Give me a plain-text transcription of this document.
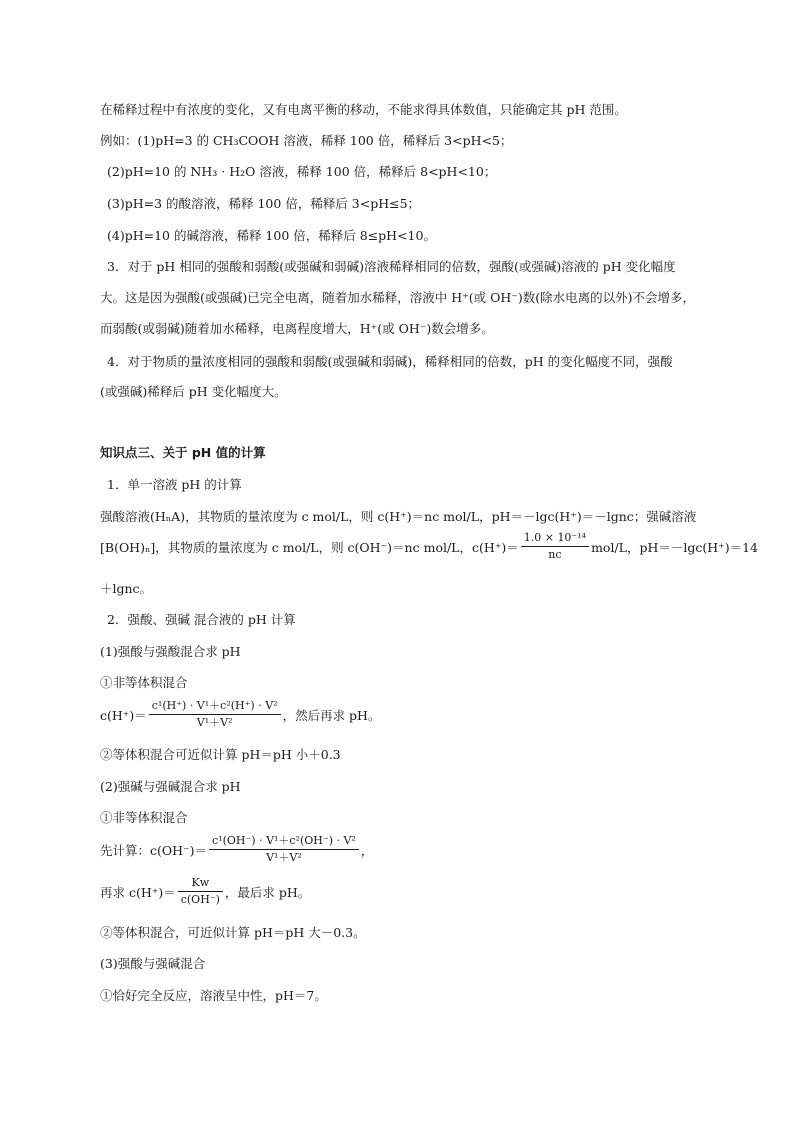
在稀释过程中有浓度的变化，又有电离平衡的移动，不能求得具体数值，只能确定其 pH 范围。
例如：(1)pH=3 的 CH₃COOH 溶液，稀释 100 倍，稀释后 3<pH<5；
(2)pH=10 的 NH₃ · H₂O 溶液，稀释 100 倍，稀释后 8<pH<10；
(3)pH=3 的酸溶液，稀释 100 倍，稀释后 3<pH≤5；
(4)pH=10 的碱溶液，稀释 100 倍，稀释后 8≤pH<10。
3．对于 pH 相同的强酸和弱酸(或强碱和弱碱)溶液稀释相同的倍数，强酸(或强碱)溶液的 pH 变化幅度
大。这是因为强酸(或强碱)已完全电离，随着加水稀释，溶液中 H⁺(或 OH⁻)数(除水电离的以外)不会增多，
而弱酸(或弱碱)随着加水稀释，电离程度增大，H⁺(或 OH⁻)数会增多。
4．对于物质的量浓度相同的强酸和弱酸(或强碱和弱碱)，稀释相同的倍数，pH 的变化幅度不同，强酸
(或强碱)稀释后 pH 变化幅度大。
知识点三、关于 pH 值的计算
1．单一溶液 pH 的计算
强酸溶液(HₙA)，其物质的量浓度为 c mol/L，则 c(H⁺)＝nc mol/L，pH＝－lgc(H⁺)＝－lgnc；强碱溶液
[B(OH)ₙ]，其物质的量浓度为 c mol/L，则 c(OH⁻)＝nc mol/L，$c(H^+)= \frac{\text{1.0 × 10⁻¹⁴}}{nc} mol/L$，pH＝－lgc(H⁺)＝14
＋lgnc。
2．强酸、强碱 混合液的 pH 计算
(1)强酸与强酸混合求 pH
①非等体积混合
$c(H^+)= \frac{\text{c¹(H⁺) · V¹＋c²(H⁺) · V²}}{\text{V¹＋V²}}$ ，然后再求 pH。
②等体积混合可近似计算 pH＝pH 小＋0.3
(2)强碱与强碱混合求 pH
①非等体积混合
先计算：$c(OH^-)= \frac{\text{c¹(OH⁻) · V¹＋c²(OH⁻) · V²}}{\text{V¹＋V²}}$ ，
再求 $c(H^+)= \frac{\text{Kᴡ}}{c(OH^-)}$ ，最后求 pH。
②等体积混合，可近似计算 pH＝pH 大－0.3。
(3)强酸与强碱混合
①恰好完全反应，溶液呈中性，pH＝7。
